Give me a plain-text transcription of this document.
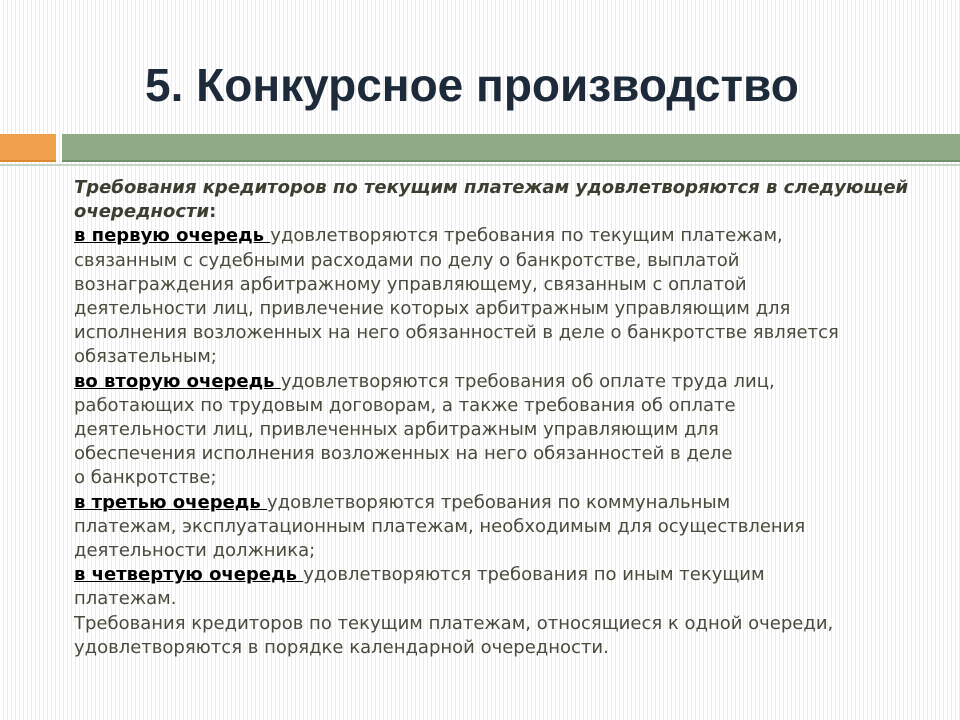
5. Конкурсное производство

Требования кредиторов по текущим платежам удовлетворяются в следующей очередности:

в первую очередь удовлетворяются требования по текущим платежам,

связанным с судебными расходами по делу о банкротстве, выплатой

вознаграждения арбитражному управляющему, связанным с оплатой

деятельности лиц, привлечение которых арбитражным управляющим для

исполнения возложенных на него обязанностей в деле о банкротстве является

обязательным;

во вторую очередь удовлетворяются требования об оплате труда лиц,

работающих по трудовым договорам, а также требования об оплате

деятельности лиц, привлеченных арбитражным управляющим для

обеспечения исполнения возложенных на него обязанностей в деле

о банкротстве;

в третью очередь удовлетворяются требования по коммунальным

платежам, эксплуатационным платежам, необходимым для осуществления

деятельности должника;

в четвертую очередь удовлетворяются требования по иным текущим

платежам.

Требования кредиторов по текущим платежам, относящиеся к одной очереди,

удовлетворяются в порядке календарной очередности.
